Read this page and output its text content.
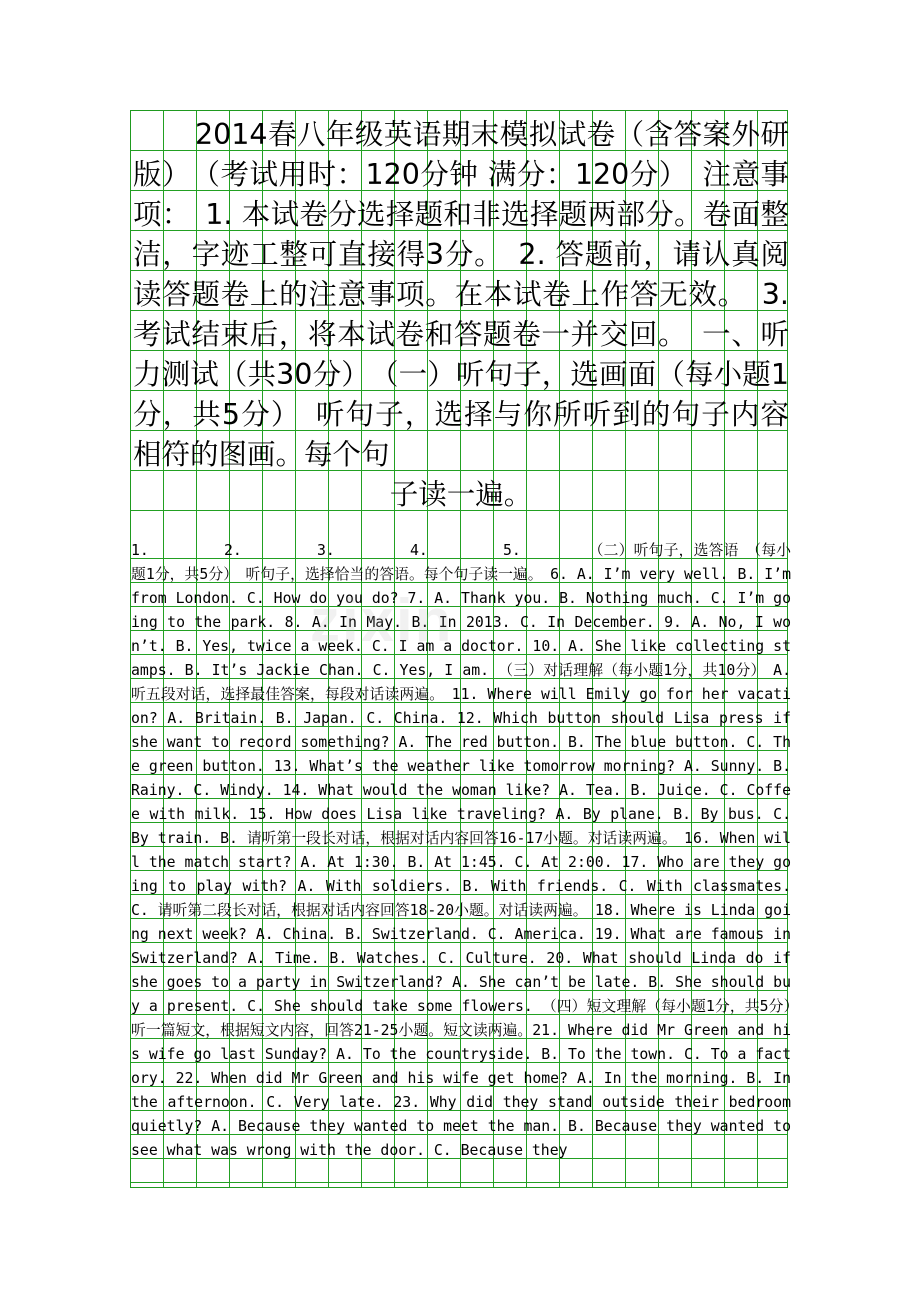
2014春八年级英语期末模拟试卷（含答案外研版）　（考试用时：120分钟 满分：120分）　注意事项：　1. 本试卷分选择题和非选择题两部分。卷面整洁，字迹工整可直接得3分。　2. 答题前，请认真阅读答题卷上的注意事项。在本试卷上作答无效。　3. 考试结束后，将本试卷和答题卷一并交回。　一、听力测试（共30分）　（一）听句子，选画面（每小题1分，共5分）　听句子，选择与你所听到的句子内容相符的图画。每个句
子读一遍。
1.　　　　　2.　　　　　3.　　　　　4.　　　　　5.　　　　　（二）听句子，选答语　（每小题1分，共5分）　听句子，选择恰当的答语。每个句子读一遍。　6. A. I’m very well. B. I’m from London. C. How do you do? 7. A. Thank you. B. Nothing much. C. I’m going to the park. 8. A. In May. B. In 2013. C. In December. 9. A. No, I won’t. B. Yes, twice a week. C. I am a doctor. 10. A. She like collecting stamps. B. It’s Jackie Chan. C. Yes, I am. （三）对话理解（每小题1分，共10分）　A. 听五段对话，选择最佳答案，每段对话读两遍。　11. Where will Emily go for her vacation? A. Britain. B. Japan. C. China. 12. Which button should Lisa press if she want to record something? A. The red button. B. The blue button. C. The green button. 13. What’s the weather like tomorrow morning? A. Sunny. B. Rainy. C. Windy. 14. What would the woman like? A. Tea. B. Juice. C. Coffee with milk. 15. How does Lisa like traveling? A. By plane. B. By bus. C. By train. B. 请听第一段长对话，根据对话内容回答16-17小题。对话读两遍。　16. When will the match start? A. At 1:30. B. At 1:45. C. At 2:00. 17. Who are they going to play with? A. With soldiers. B. With friends. C. With classmates. C. 请听第二段长对话，根据对话内容回答18-20小题。对话读两遍。　18. Where is Linda going next week? A. China. B. Switzerland. C. America. 19. What are famous in Switzerland? A. Time. B. Watches. C. Culture. 20. What should Linda do if she goes to a party in Switzerland? A. She can’t be late. B. She should buy a present. C. She should take some flowers. （四）短文理解（每小题1分，共5分）　听一篇短文，根据短文内容，回答21-25小题。短文读两遍。21. Where did Mr Green and his wife go last Sunday? A. To the countryside. B. To the town. C. To a factory. 22. When did Mr Green and his wife get home? A. In the morning. B. In the afternoon. C. Very late. 23. Why did they stand outside their bedroom quietly? A. Because they wanted to meet the man. B. Because they wanted to see what was wrong with the door. C. Because they
